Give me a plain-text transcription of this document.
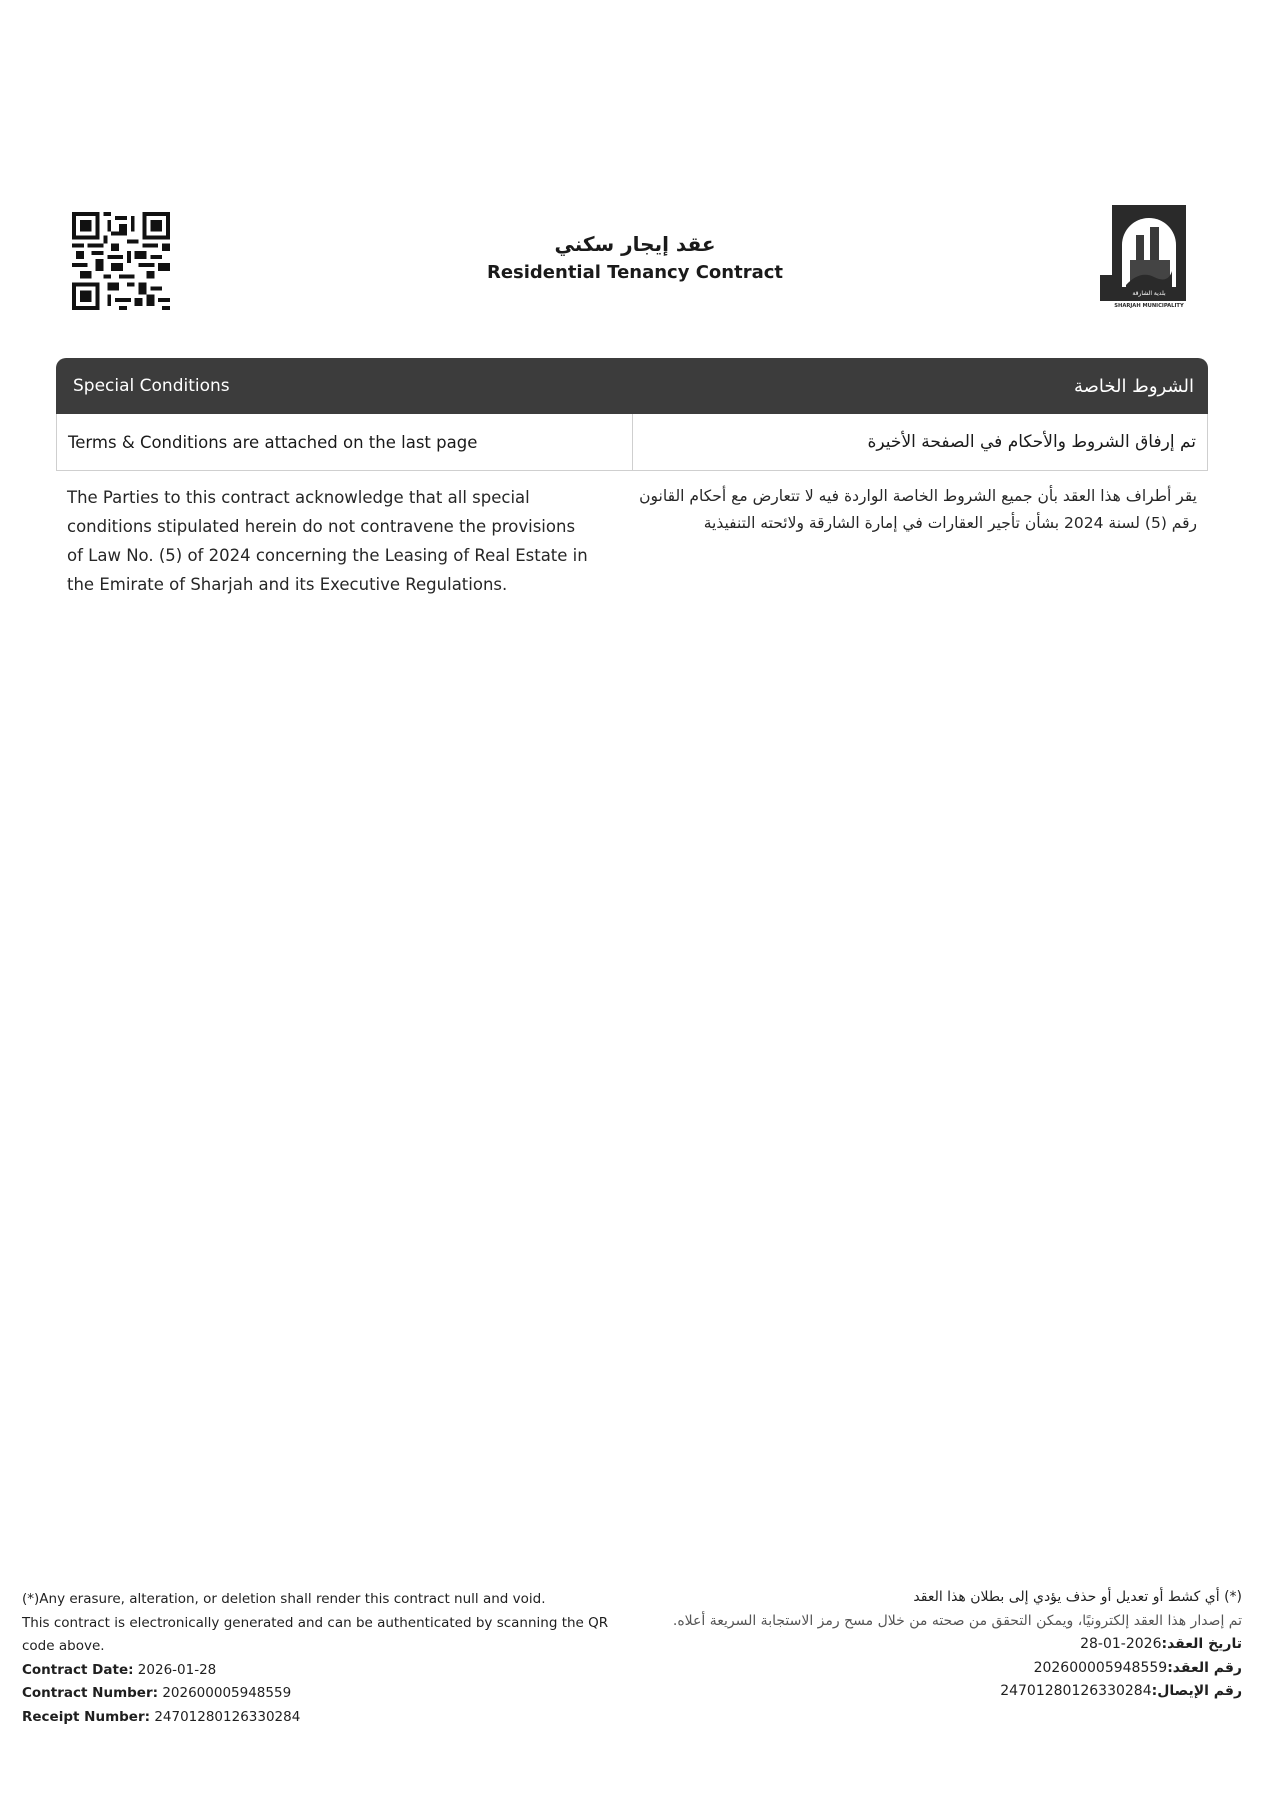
عقد إيجار سكني
Residential Tenancy Contract
بلدية الشارقة
SHARJAH MUNICIPALITY
Special Conditions	الشروط الخاصة
Terms & Conditions are attached on the last page	تم إرفاق الشروط والأحكام في الصفحة الأخيرة
The Parties to this contract acknowledge that all special conditions stipulated herein do not contravene the provisions of Law No. (5) of 2024 concerning the Leasing of Real Estate in the Emirate of Sharjah and its Executive Regulations.
يقر أطراف هذا العقد بأن جميع الشروط الخاصة الواردة فيه لا تتعارض مع أحكام القانون رقم (5) لسنة 2024 بشأن تأجير العقارات في إمارة الشارقة ولائحته التنفيذية
(*)Any erasure, alteration, or deletion shall render this contract null and void.
This contract is electronically generated and can be authenticated by scanning the QR code above.
Contract Date: 2026-01-28
Contract Number: 202600005948559
Receipt Number: 24701280126330284
(*) أي كشط أو تعديل أو حذف يؤدي إلى بطلان هذا العقد
تم إصدار هذا العقد إلكترونيًا، ويمكن التحقق من صحته من خلال مسح رمز الاستجابة السريعة أعلاه.
تاريخ العقد:2026-01-28
رقم العقد:202600005948559
رقم الإيصال:24701280126330284
